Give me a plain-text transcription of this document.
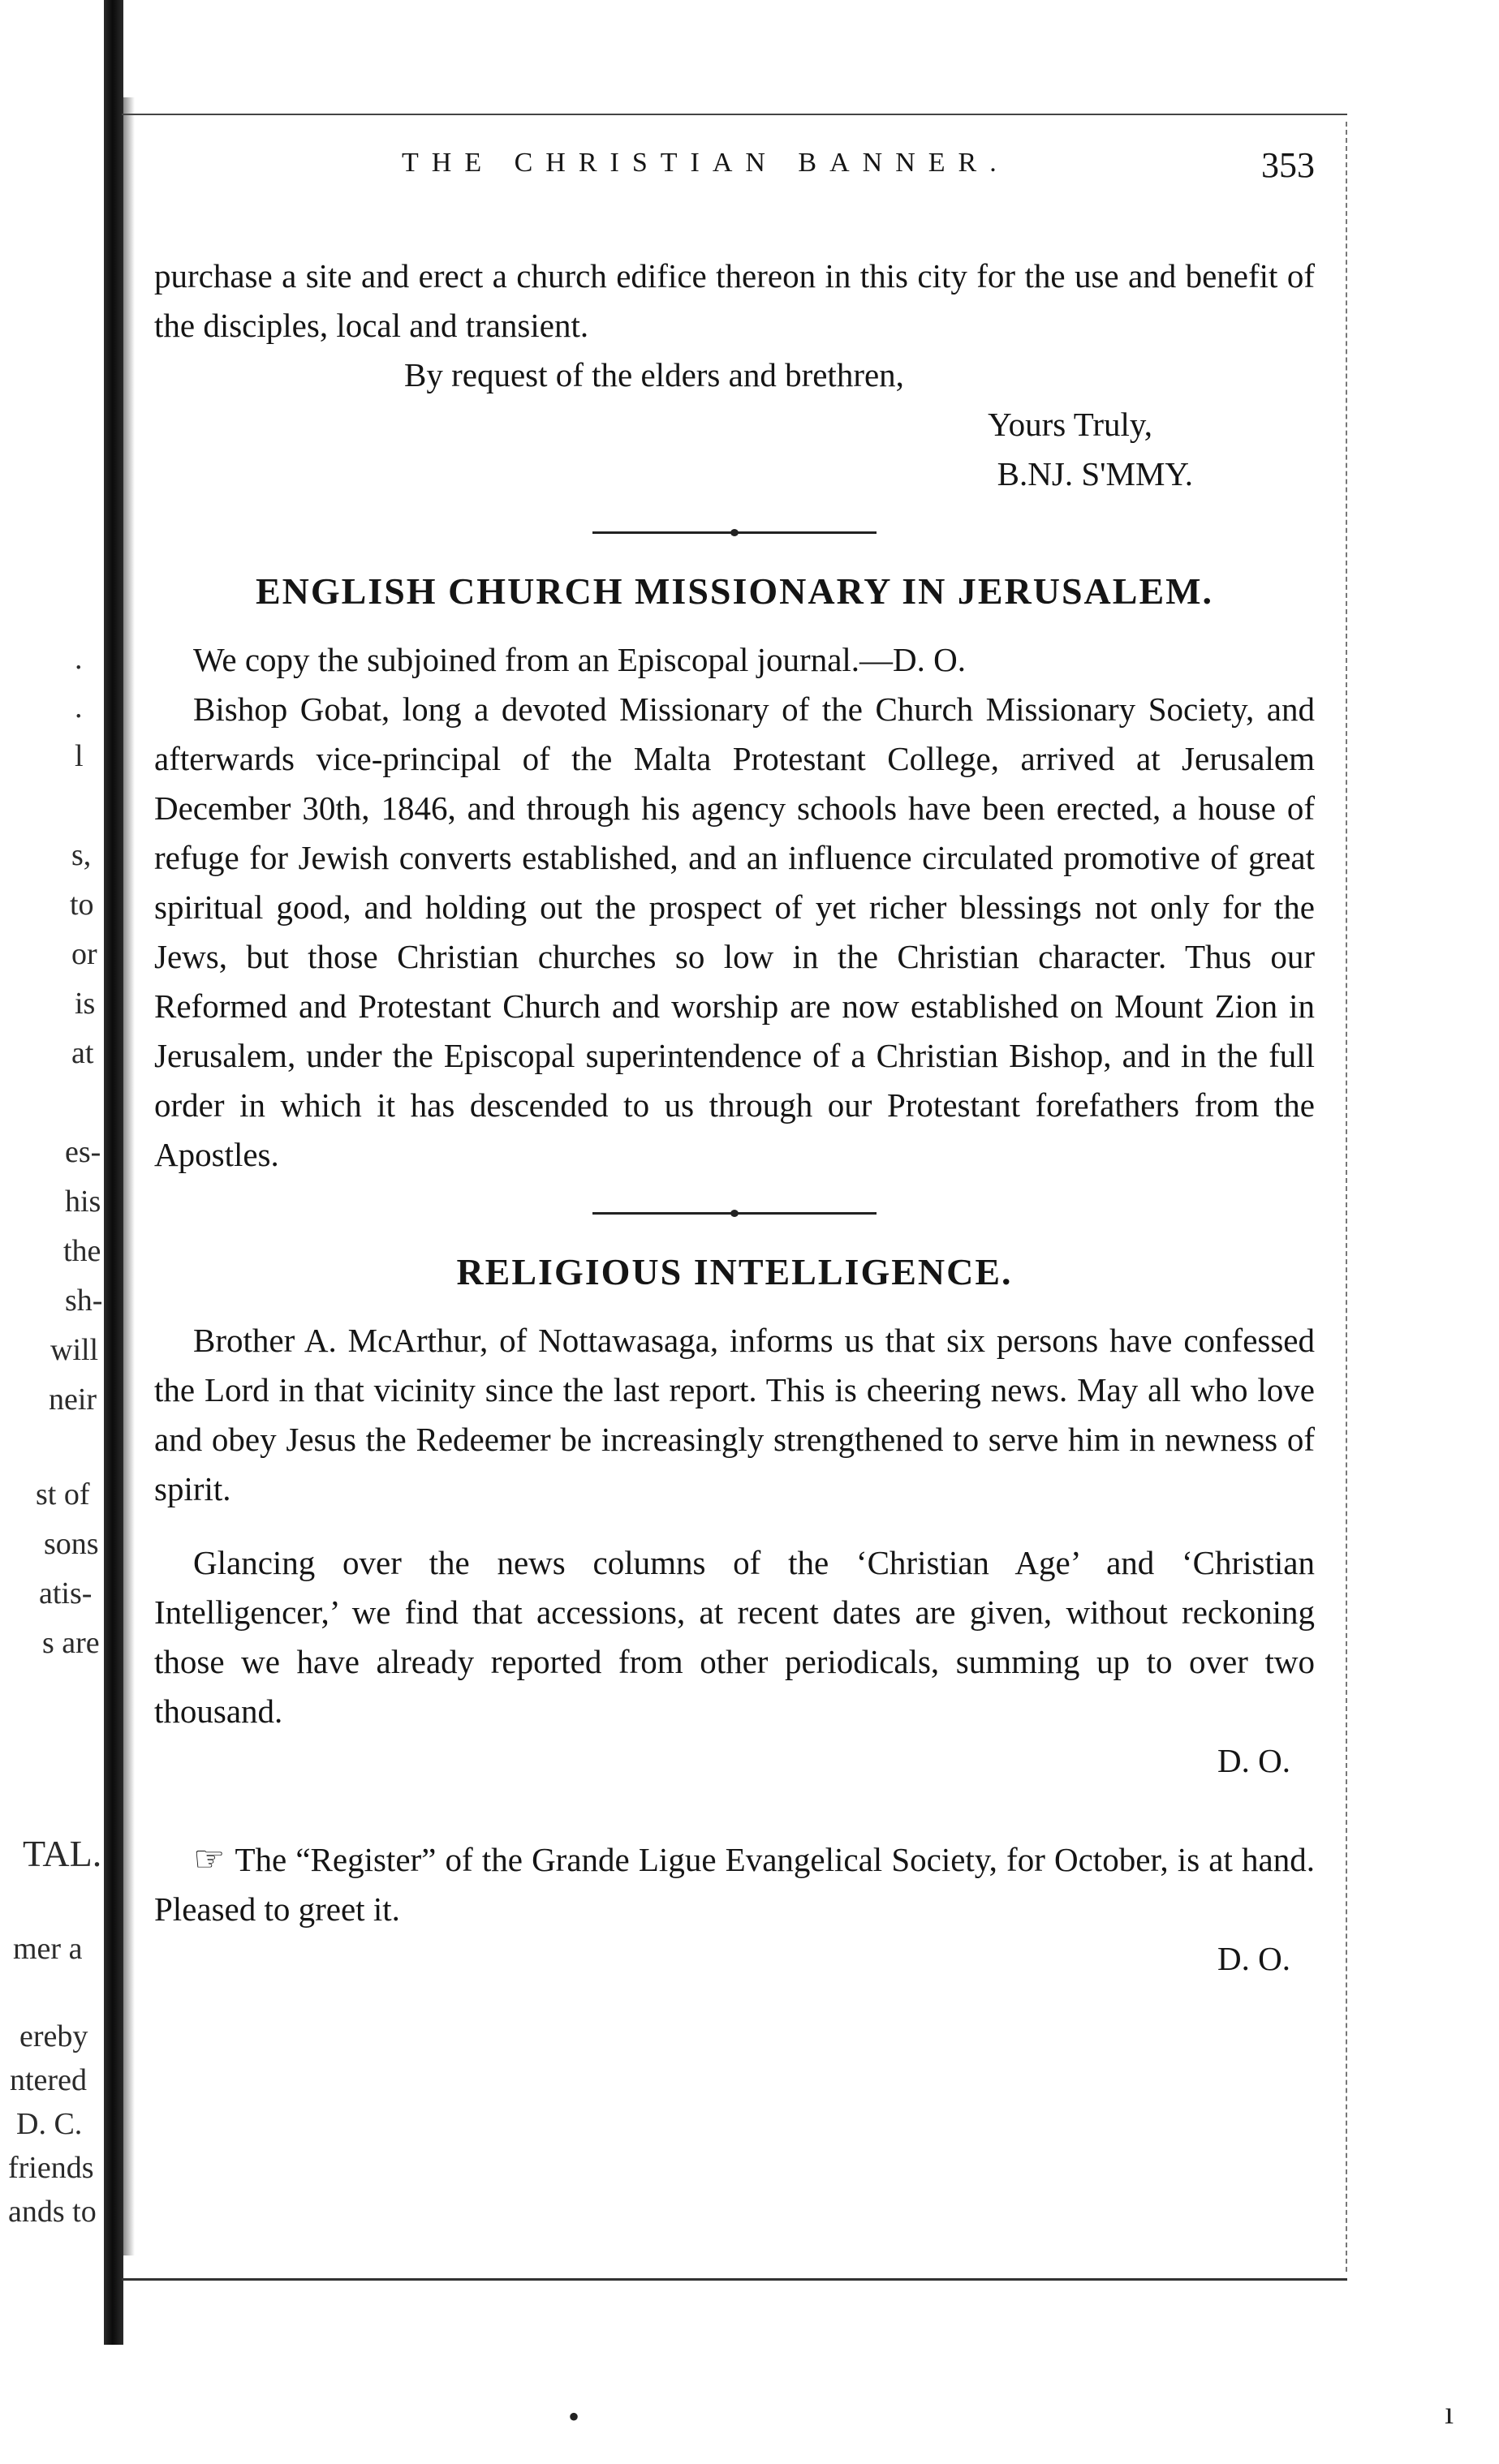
.
.
l
s,
to
or
is
at
es-
his
the
sh-
will
neir
st of
sons
atis-
s are
TAL.
mer a
ereby
ntered
D. C.
friends
ands to
THE CHRISTIAN BANNER.	353

purchase a site and erect a church edifice thereon in this city for the use and benefit of the disciples, local and transient.

By request of the elders and brethren,

Yours Truly,

B.NJ. S'MMY.

ENGLISH CHURCH MISSIONARY IN JERUSALEM.

We copy the subjoined from an Episcopal journal.—D. O.

Bishop Gobat, long a devoted Missionary of the Church Missionary Society, and afterwards vice-principal of the Malta Protestant College, arrived at Jerusalem December 30th, 1846, and through his agency schools have been erected, a house of refuge for Jewish converts established, and an influence circulated promotive of great spiritual good, and holding out the prospect of yet richer blessings not only for the Jews, but those Christian churches so low in the Christian character. Thus our Reformed and Protestant Church and worship are now established on Mount Zion in Jerusalem, under the Episcopal superintendence of a Christian Bishop, and in the full order in which it has descended to us through our Protestant forefathers from the Apostles.

RELIGIOUS INTELLIGENCE.

Brother A. McArthur, of Nottawasaga, informs us that six persons have confessed the Lord in that vicinity since the last report. This is cheering news. May all who love and obey Jesus the Redeemer be increasingly strengthened to serve him in newness of spirit.

Glancing over the news columns of the ‘Christian Age’ and ‘Christian Intelligencer,’ we find that accessions, at recent dates are given, without reckoning those we have already reported from other periodicals, summing up to over two thousand.

D. O.

☞ The “Register” of the Grande Ligue Evangelical Society, for October, is at hand. Pleased to greet it.

D. O.

•	ı
